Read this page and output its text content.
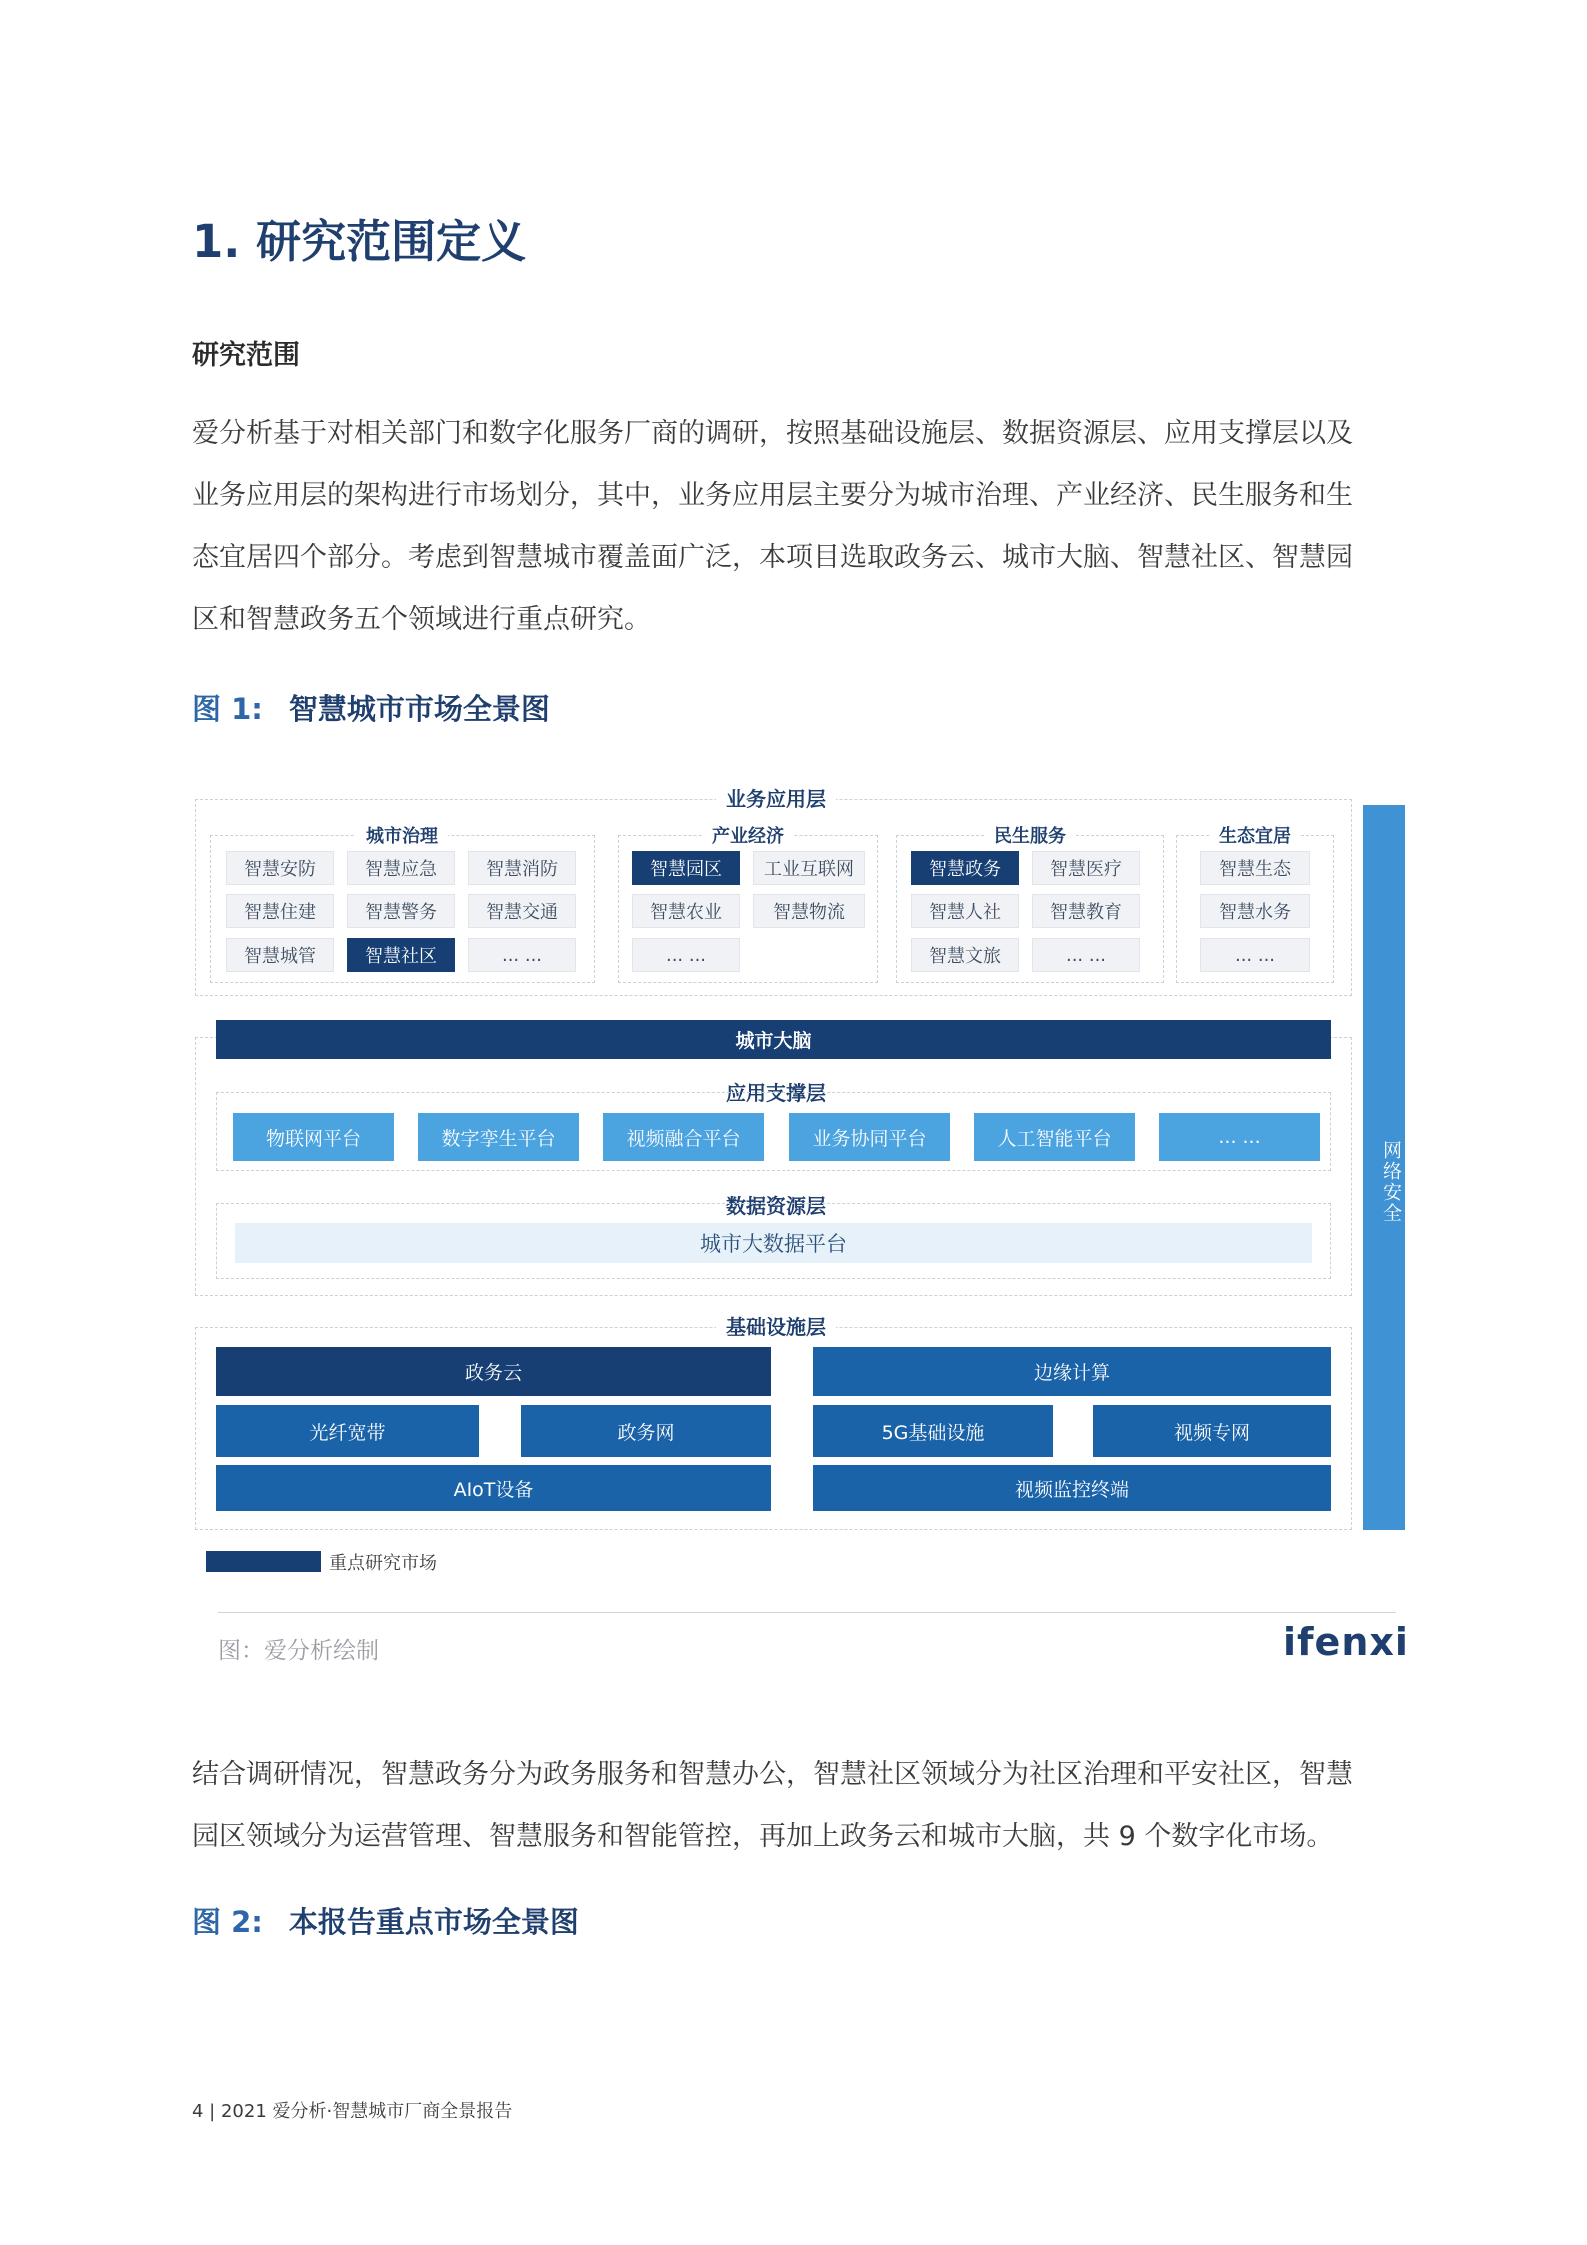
1. 研究范围定义
研究范围
爱分析基于对相关部门和数字化服务厂商的调研，按照基础设施层、数据资源层、应用支撑层以及
业务应用层的架构进行市场划分，其中，业务应用层主要分为城市治理、产业经济、民生服务和生
态宜居四个部分。考虑到智慧城市覆盖面广泛，本项目选取政务云、城市大脑、智慧社区、智慧园
区和智慧政务五个领域进行重点研究。
图 1: 智慧城市市场全景图
业务应用层
城市治理
智慧安防	智慧应急	智慧消防
智慧住建	智慧警务	智慧交通
智慧城管	智慧社区	... ...
产业经济
智慧园区	工业互联网
智慧农业	智慧物流
... ...
民生服务
智慧政务	智慧医疗
智慧人社	智慧教育
智慧文旅	... ...
生态宜居
智慧生态
智慧水务
... ...
城市大脑
应用支撑层
物联网平台	数字孪生平台	视频融合平台	业务协同平台	人工智能平台	... ...
数据资源层
城市大数据平台
基础设施层
政务云	边缘计算
光纤宽带	政务网	5G基础设施	视频专网
AIoT设备	视频监控终端
网络安全
重点研究市场
图：爱分析绘制	ifenxi
结合调研情况，智慧政务分为政务服务和智慧办公，智慧社区领域分为社区治理和平安社区，智慧
园区领域分为运营管理、智慧服务和智能管控，再加上政务云和城市大脑，共 9 个数字化市场。
图 2: 本报告重点市场全景图
4 | 2021 爱分析·智慧城市厂商全景报告
